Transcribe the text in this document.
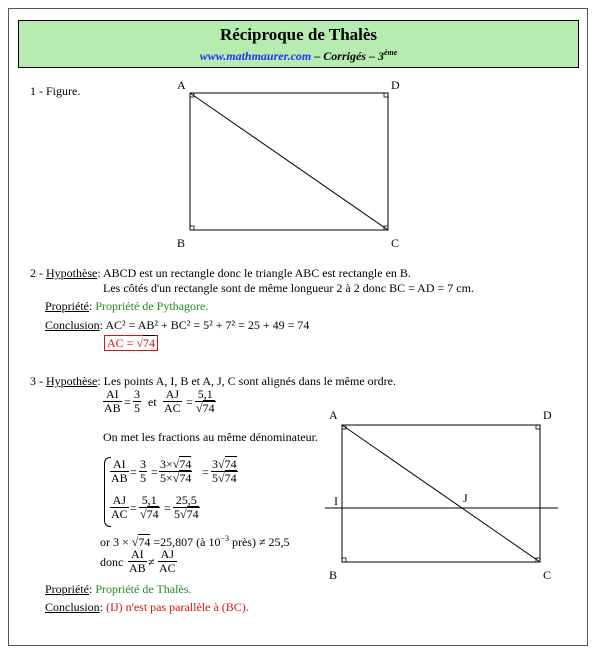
Réciproque de Thalès
www.mathmaurer.com – Corrigés – 3ème
1 - Figure.	A	D
B	C
2 - Hypothèse: ABCD est un rectangle donc le triangle ABC est rectangle en B.
Les côtés d'un rectangle sont de même longueur 2 à 2 donc BC = AD = 7 cm.
Propriété: Propriété de Pythagore.
Conclusion: AC² = AB² + BC² = 5² + 7² = 25 + 49 = 74
AC = √74
3 - Hypothèse: Les points A, I, B et A, J, C sont alignés dans le même ordre.
$\frac{AI}{AB} = \frac{3}{5}$ et $\frac{AJ}{AC} = \frac{5,1}{√74}$
On met les fractions au même dénominateur.
$\frac{AI}{AB} = \frac{3}{5} = \frac{3\times√74}{5\times√74} = \frac{3√74}{5√74}$
$\frac{AJ}{AC} = \frac{5,1}{√74} = \frac{25,5}{5√74}$
or 3 × √74 =25,807 (à $10^{-3}$ près) ≠ 25,5
donc $\frac{AI}{AB} \ne \frac{AJ}{AC}$
Propriété: Propriété de Thalès.
Conclusion: (IJ) n'est pas parallèle à (BC).
A	D
I	J
B	C
